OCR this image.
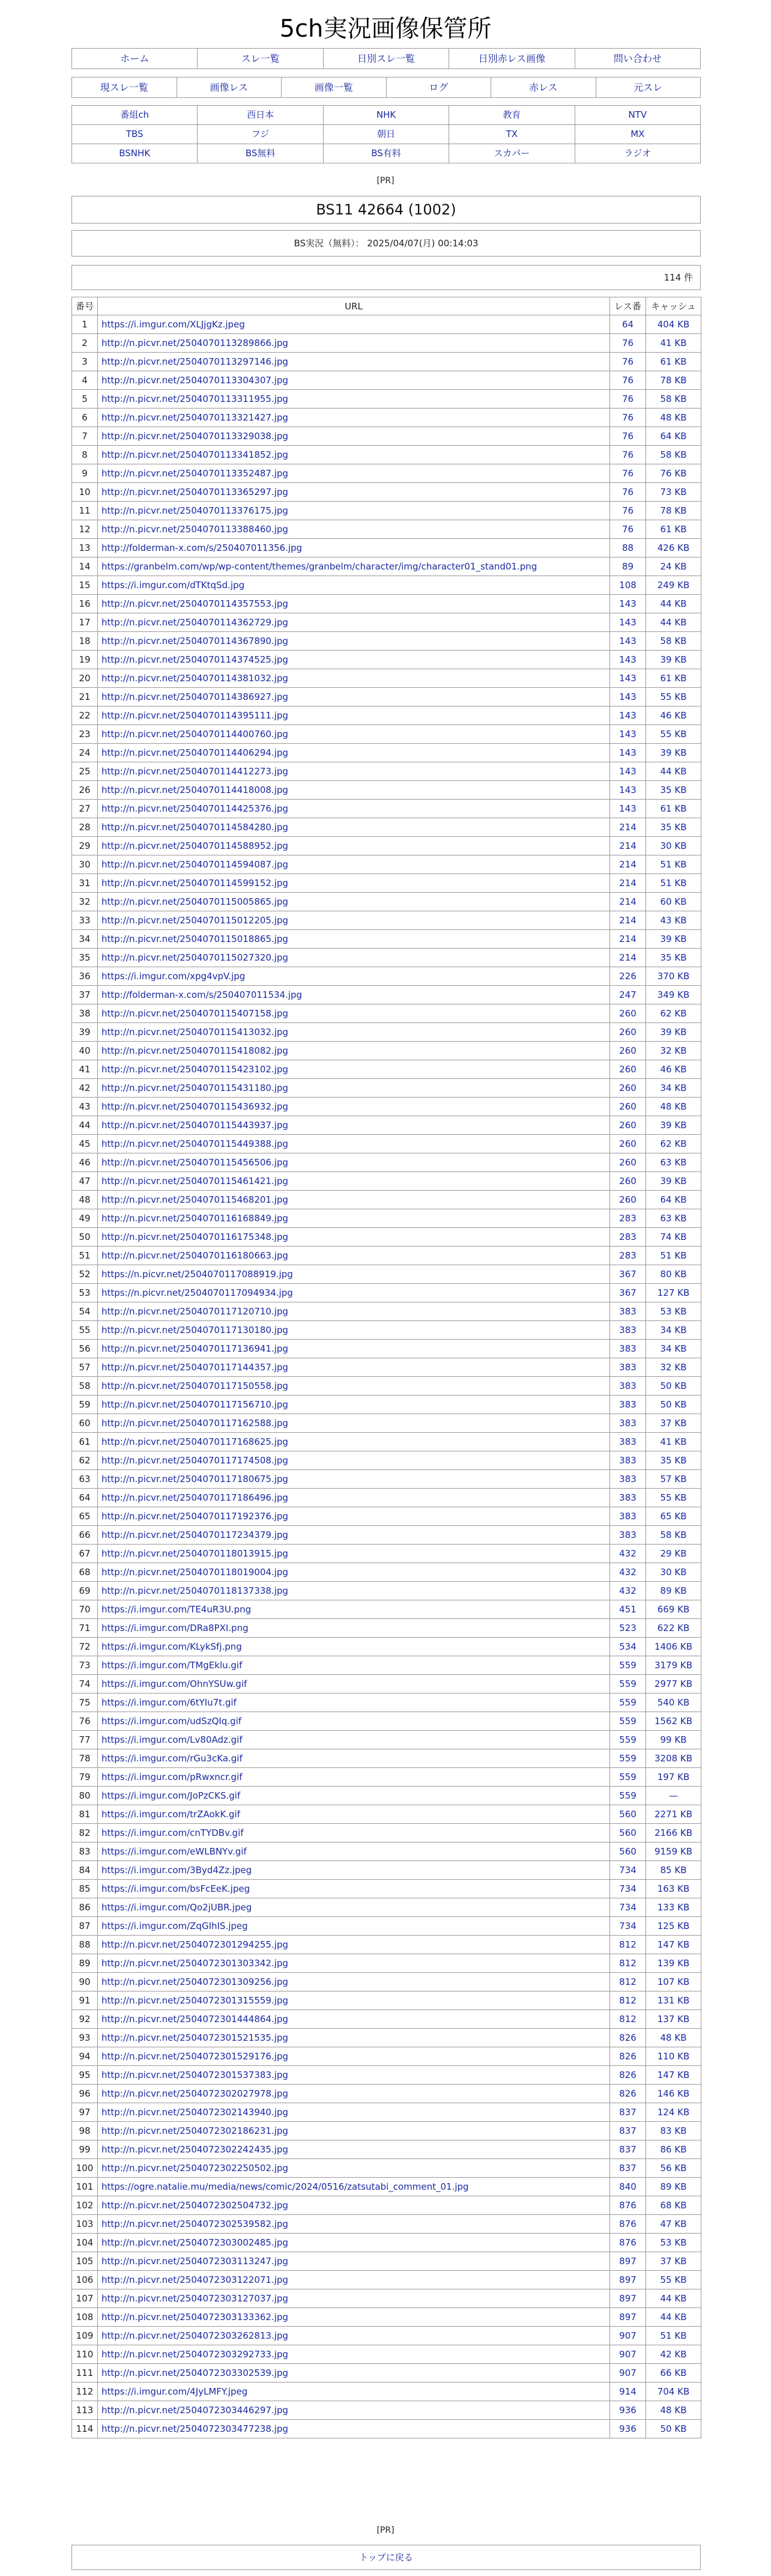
5ch実況画像保管所
ホーム	スレ一覧	日別スレ一覧	日別赤レス画像	問い合わせ
現スレ一覧	画像レス	画像一覧	ログ	赤レス	元スレ
番組ch	西日本	NHK	教育	NTV
TBS	フジ	朝日	TX	MX
BSNHK	BS無料	BS有料	スカパー	ラジオ
[PR]
BS11 42664 (1002)
BS実況（無料）： 2025/04/07(月) 00:14:03
114 件
番号	URL	レス番	キャッシュ
1	https://i.imgur.com/XLJjgKz.jpeg	64	404 KB
2	http://n.picvr.net/2504070113289866.jpg	76	41 KB
3	http://n.picvr.net/2504070113297146.jpg	76	61 KB
4	http://n.picvr.net/2504070113304307.jpg	76	78 KB
5	http://n.picvr.net/2504070113311955.jpg	76	58 KB
6	http://n.picvr.net/2504070113321427.jpg	76	48 KB
7	http://n.picvr.net/2504070113329038.jpg	76	64 KB
8	http://n.picvr.net/2504070113341852.jpg	76	58 KB
9	http://n.picvr.net/2504070113352487.jpg	76	76 KB
10	http://n.picvr.net/2504070113365297.jpg	76	73 KB
11	http://n.picvr.net/2504070113376175.jpg	76	78 KB
12	http://n.picvr.net/2504070113388460.jpg	76	61 KB
13	http://folderman-x.com/s/250407011356.jpg	88	426 KB
14	https://granbelm.com/wp/wp-content/themes/granbelm/character/img/character01_stand01.png	89	24 KB
15	https://i.imgur.com/dTKtqSd.jpg	108	249 KB
16	http://n.picvr.net/2504070114357553.jpg	143	44 KB
17	http://n.picvr.net/2504070114362729.jpg	143	44 KB
18	http://n.picvr.net/2504070114367890.jpg	143	58 KB
19	http://n.picvr.net/2504070114374525.jpg	143	39 KB
20	http://n.picvr.net/2504070114381032.jpg	143	61 KB
21	http://n.picvr.net/2504070114386927.jpg	143	55 KB
22	http://n.picvr.net/2504070114395111.jpg	143	46 KB
23	http://n.picvr.net/2504070114400760.jpg	143	55 KB
24	http://n.picvr.net/2504070114406294.jpg	143	39 KB
25	http://n.picvr.net/2504070114412273.jpg	143	44 KB
26	http://n.picvr.net/2504070114418008.jpg	143	35 KB
27	http://n.picvr.net/2504070114425376.jpg	143	61 KB
28	http://n.picvr.net/2504070114584280.jpg	214	35 KB
29	http://n.picvr.net/2504070114588952.jpg	214	30 KB
30	http://n.picvr.net/2504070114594087.jpg	214	51 KB
31	http://n.picvr.net/2504070114599152.jpg	214	51 KB
32	http://n.picvr.net/2504070115005865.jpg	214	60 KB
33	http://n.picvr.net/2504070115012205.jpg	214	43 KB
34	http://n.picvr.net/2504070115018865.jpg	214	39 KB
35	http://n.picvr.net/2504070115027320.jpg	214	35 KB
36	https://i.imgur.com/xpg4vpV.jpg	226	370 KB
37	http://folderman-x.com/s/250407011534.jpg	247	349 KB
38	http://n.picvr.net/2504070115407158.jpg	260	62 KB
39	http://n.picvr.net/2504070115413032.jpg	260	39 KB
40	http://n.picvr.net/2504070115418082.jpg	260	32 KB
41	http://n.picvr.net/2504070115423102.jpg	260	46 KB
42	http://n.picvr.net/2504070115431180.jpg	260	34 KB
43	http://n.picvr.net/2504070115436932.jpg	260	48 KB
44	http://n.picvr.net/2504070115443937.jpg	260	39 KB
45	http://n.picvr.net/2504070115449388.jpg	260	62 KB
46	http://n.picvr.net/2504070115456506.jpg	260	63 KB
47	http://n.picvr.net/2504070115461421.jpg	260	39 KB
48	http://n.picvr.net/2504070115468201.jpg	260	64 KB
49	http://n.picvr.net/2504070116168849.jpg	283	63 KB
50	http://n.picvr.net/2504070116175348.jpg	283	74 KB
51	http://n.picvr.net/2504070116180663.jpg	283	51 KB
52	https://n.picvr.net/2504070117088919.jpg	367	80 KB
53	https://n.picvr.net/2504070117094934.jpg	367	127 KB
54	http://n.picvr.net/2504070117120710.jpg	383	53 KB
55	http://n.picvr.net/2504070117130180.jpg	383	34 KB
56	http://n.picvr.net/2504070117136941.jpg	383	34 KB
57	http://n.picvr.net/2504070117144357.jpg	383	32 KB
58	http://n.picvr.net/2504070117150558.jpg	383	50 KB
59	http://n.picvr.net/2504070117156710.jpg	383	50 KB
60	http://n.picvr.net/2504070117162588.jpg	383	37 KB
61	http://n.picvr.net/2504070117168625.jpg	383	41 KB
62	http://n.picvr.net/2504070117174508.jpg	383	35 KB
63	http://n.picvr.net/2504070117180675.jpg	383	57 KB
64	http://n.picvr.net/2504070117186496.jpg	383	55 KB
65	http://n.picvr.net/2504070117192376.jpg	383	65 KB
66	http://n.picvr.net/2504070117234379.jpg	383	58 KB
67	http://n.picvr.net/2504070118013915.jpg	432	29 KB
68	http://n.picvr.net/2504070118019004.jpg	432	30 KB
69	http://n.picvr.net/2504070118137338.jpg	432	89 KB
70	https://i.imgur.com/TE4uR3U.png	451	669 KB
71	https://i.imgur.com/DRa8PXI.png	523	622 KB
72	https://i.imgur.com/KLykSfj.png	534	1406 KB
73	https://i.imgur.com/TMgEklu.gif	559	3179 KB
74	https://i.imgur.com/OhnYSUw.gif	559	2977 KB
75	https://i.imgur.com/6tYIu7t.gif	559	540 KB
76	https://i.imgur.com/udSzQIq.gif	559	1562 KB
77	https://i.imgur.com/Lv80Adz.gif	559	99 KB
78	https://i.imgur.com/rGu3cKa.gif	559	3208 KB
79	https://i.imgur.com/pRwxncr.gif	559	197 KB
80	https://i.imgur.com/JoPzCKS.gif	559	—
81	https://i.imgur.com/trZAokK.gif	560	2271 KB
82	https://i.imgur.com/cnTYDBv.gif	560	2166 KB
83	https://i.imgur.com/eWLBNYv.gif	560	9159 KB
84	https://i.imgur.com/3Byd4Zz.jpeg	734	85 KB
85	https://i.imgur.com/bsFcEeK.jpeg	734	163 KB
86	https://i.imgur.com/Qo2jUBR.jpeg	734	133 KB
87	https://i.imgur.com/ZqGIhIS.jpeg	734	125 KB
88	http://n.picvr.net/2504072301294255.jpg	812	147 KB
89	http://n.picvr.net/2504072301303342.jpg	812	139 KB
90	http://n.picvr.net/2504072301309256.jpg	812	107 KB
91	http://n.picvr.net/2504072301315559.jpg	812	131 KB
92	http://n.picvr.net/2504072301444864.jpg	812	137 KB
93	http://n.picvr.net/2504072301521535.jpg	826	48 KB
94	http://n.picvr.net/2504072301529176.jpg	826	110 KB
95	http://n.picvr.net/2504072301537383.jpg	826	147 KB
96	http://n.picvr.net/2504072302027978.jpg	826	146 KB
97	http://n.picvr.net/2504072302143940.jpg	837	124 KB
98	http://n.picvr.net/2504072302186231.jpg	837	83 KB
99	http://n.picvr.net/2504072302242435.jpg	837	86 KB
100	http://n.picvr.net/2504072302250502.jpg	837	56 KB
101	https://ogre.natalie.mu/media/news/comic/2024/0516/zatsutabi_comment_01.jpg	840	89 KB
102	http://n.picvr.net/2504072302504732.jpg	876	68 KB
103	http://n.picvr.net/2504072302539582.jpg	876	47 KB
104	http://n.picvr.net/2504072303002485.jpg	876	53 KB
105	http://n.picvr.net/2504072303113247.jpg	897	37 KB
106	http://n.picvr.net/2504072303122071.jpg	897	55 KB
107	http://n.picvr.net/2504072303127037.jpg	897	44 KB
108	http://n.picvr.net/2504072303133362.jpg	897	44 KB
109	http://n.picvr.net/2504072303262813.jpg	907	51 KB
110	http://n.picvr.net/2504072303292733.jpg	907	42 KB
111	http://n.picvr.net/2504072303302539.jpg	907	66 KB
112	https://i.imgur.com/4JyLMFY.jpeg	914	704 KB
113	http://n.picvr.net/2504072303446297.jpg	936	48 KB
114	http://n.picvr.net/2504072303477238.jpg	936	50 KB
[PR]
トップに戻る
